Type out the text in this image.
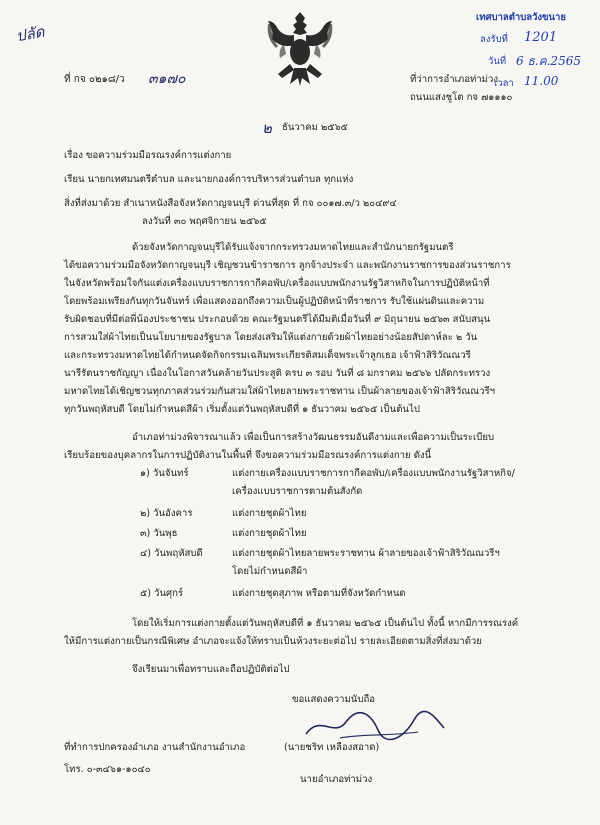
ปลัด
ที่ กจ ๐๒๑๘/ว ๓๑๗๐
เทศบาลตำบลวังขนาย
ลงรับที่ 1201
วันที่ 6 ธ.ค.2565
เวลา 11.00
ที่ว่าการอำเภอท่าม่วง
ถนนแสงชูโต กจ ๗๑๑๑๐
๒ ธันวาคม ๒๕๖๕
เรื่อง ขอความร่วมมือรณรงค์การแต่งกาย
เรียน นายกเทศมนตรีตำบล และนายกองค์การบริหารส่วนตำบล ทุกแห่ง
สิ่งที่ส่งมาด้วย สำเนาหนังสือจังหวัดกาญจนบุรี ด่วนที่สุด ที่ กจ ๐๐๑๗.๓/ว ๒๐๔๙๔
ลงวันที่ ๓๐ พฤศจิกายน ๒๕๖๕
ด้วยจังหวัดกาญจนบุรีได้รับแจ้งจากกระทรวงมหาดไทยและสำนักนายกรัฐมนตรี
ได้ขอความร่วมมือจังหวัดกาญจนบุรี เชิญชวนข้าราชการ ลูกจ้างประจำ และพนักงานราชการของส่วนราชการ
ในจังหวัดพร้อมใจกันแต่งเครื่องแบบราชการกากีคอพับ/เครื่องแบบพนักงานรัฐวิสาหกิจในการปฏิบัติหน้าที่
โดยพร้อมเพรียงกันทุกวันจันทร์ เพื่อแสดงออกถึงความเป็นผู้ปฏิบัติหน้าที่ราชการ รับใช้แผ่นดินและความ
รับผิดชอบที่มีต่อพี่น้องประชาชน ประกอบด้วย คณะรัฐมนตรีได้มีมติเมื่อวันที่ ๙ มิถุนายน ๒๕๖๓ สนับสนุน
การสวมใส่ผ้าไทยเป็นนโยบายของรัฐบาล โดยส่งเสริมให้แต่งกายด้วยผ้าไทยอย่างน้อยสัปดาห์ละ ๒ วัน
และกระทรวงมหาดไทยได้กำหนดจัดกิจกรรมเฉลิมพระเกียรติสมเด็จพระเจ้าลูกเธอ เจ้าฟ้าสิริวัณณวรี
นารีรัตนราชกัญญา เนื่องในโอกาสวันคล้ายวันประสูติ ครบ ๓ รอบ วันที่ ๘ มกราคม ๒๕๖๖ ปลัดกระทรวง
มหาดไทยได้เชิญชวนทุกภาคส่วนร่วมกันสวมใส่ผ้าไทยลายพระราชทาน เป็นผ้าลายของเจ้าฟ้าสิริวัณณวรีฯ
ทุกวันพฤหัสบดี โดยไม่กำหนดสีผ้า เริ่มตั้งแต่วันพฤหัสบดีที่ ๑ ธันวาคม ๒๕๖๕ เป็นต้นไป
อำเภอท่าม่วงพิจารณาแล้ว เพื่อเป็นการสร้างวัฒนธรรมอันดีงามและเพื่อความเป็นระเบียบ
เรียบร้อยของบุคลากรในการปฏิบัติงานในพื้นที่ จึงขอความร่วมมือรณรงค์การแต่งกาย ดังนี้
๑) วันจันทร์	แต่งกายเครื่องแบบราชการกากีคอพับ/เครื่องแบบพนักงานรัฐวิสาหกิจ/
เครื่องแบบราชการตามต้นสังกัด
๒) วันอังคาร	แต่งกายชุดผ้าไทย
๓) วันพุธ	แต่งกายชุดผ้าไทย
๔) วันพฤหัสบดี	แต่งกายชุดผ้าไทยลายพระราชทาน ผ้าลายของเจ้าฟ้าสิริวัณณวรีฯ
โดยไม่กำหนดสีผ้า
๕) วันศุกร์	แต่งกายชุดสุภาพ หรือตามที่จังหวัดกำหนด
โดยให้เริ่มการแต่งกายตั้งแต่วันพฤหัสบดีที่ ๑ ธันวาคม ๒๕๖๕ เป็นต้นไป ทั้งนี้ หากมีการรณรงค์
ให้มีการแต่งกายเป็นกรณีพิเศษ อำเภอจะแจ้งให้ทราบเป็นห้วงระยะต่อไป รายละเอียดตามสิ่งที่ส่งมาด้วย
จึงเรียนมาเพื่อทราบและถือปฏิบัติต่อไป
ขอแสดงความนับถือ
(นายชริท เหลืองสอาด)
นายอำเภอท่าม่วง
ที่ทำการปกครองอำเภอ งานสำนักงานอำเภอ
โทร. ๐-๓๔๖๑-๑๐๔๐
